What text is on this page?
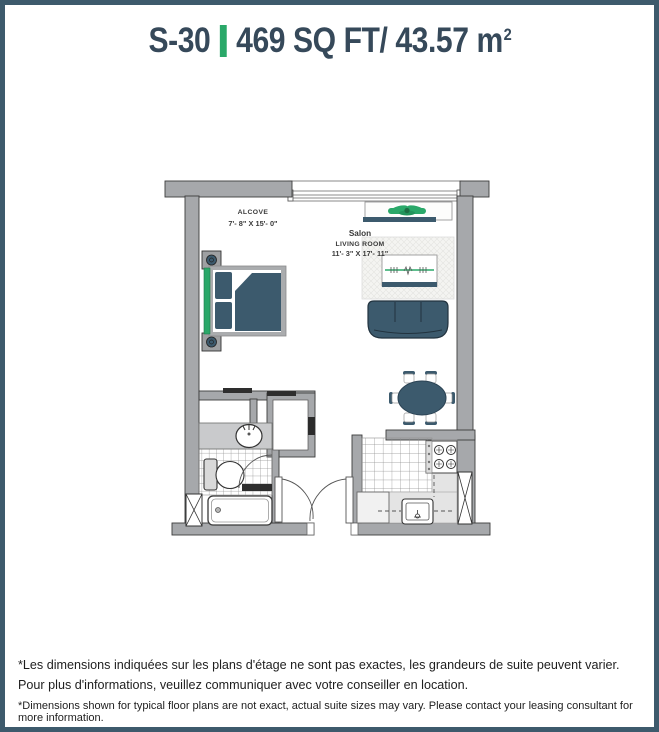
S-30 469 SQ FT/ 43.57 $m^2$
ALCOVE
7'- 8" X 15'- 0"
Salon
LIVING ROOM
11'- 3" X 17'- 11"

*Les dimensions indiquées sur les plans d'étage ne sont pas exactes, les grandeurs de suite peuvent varier. Pour plus d'informations, veuillez communiquer avec votre conseiller en location.

*Dimensions shown for typical floor plans are not exact, actual suite sizes may vary. Please contact your leasing consultant for more information.
